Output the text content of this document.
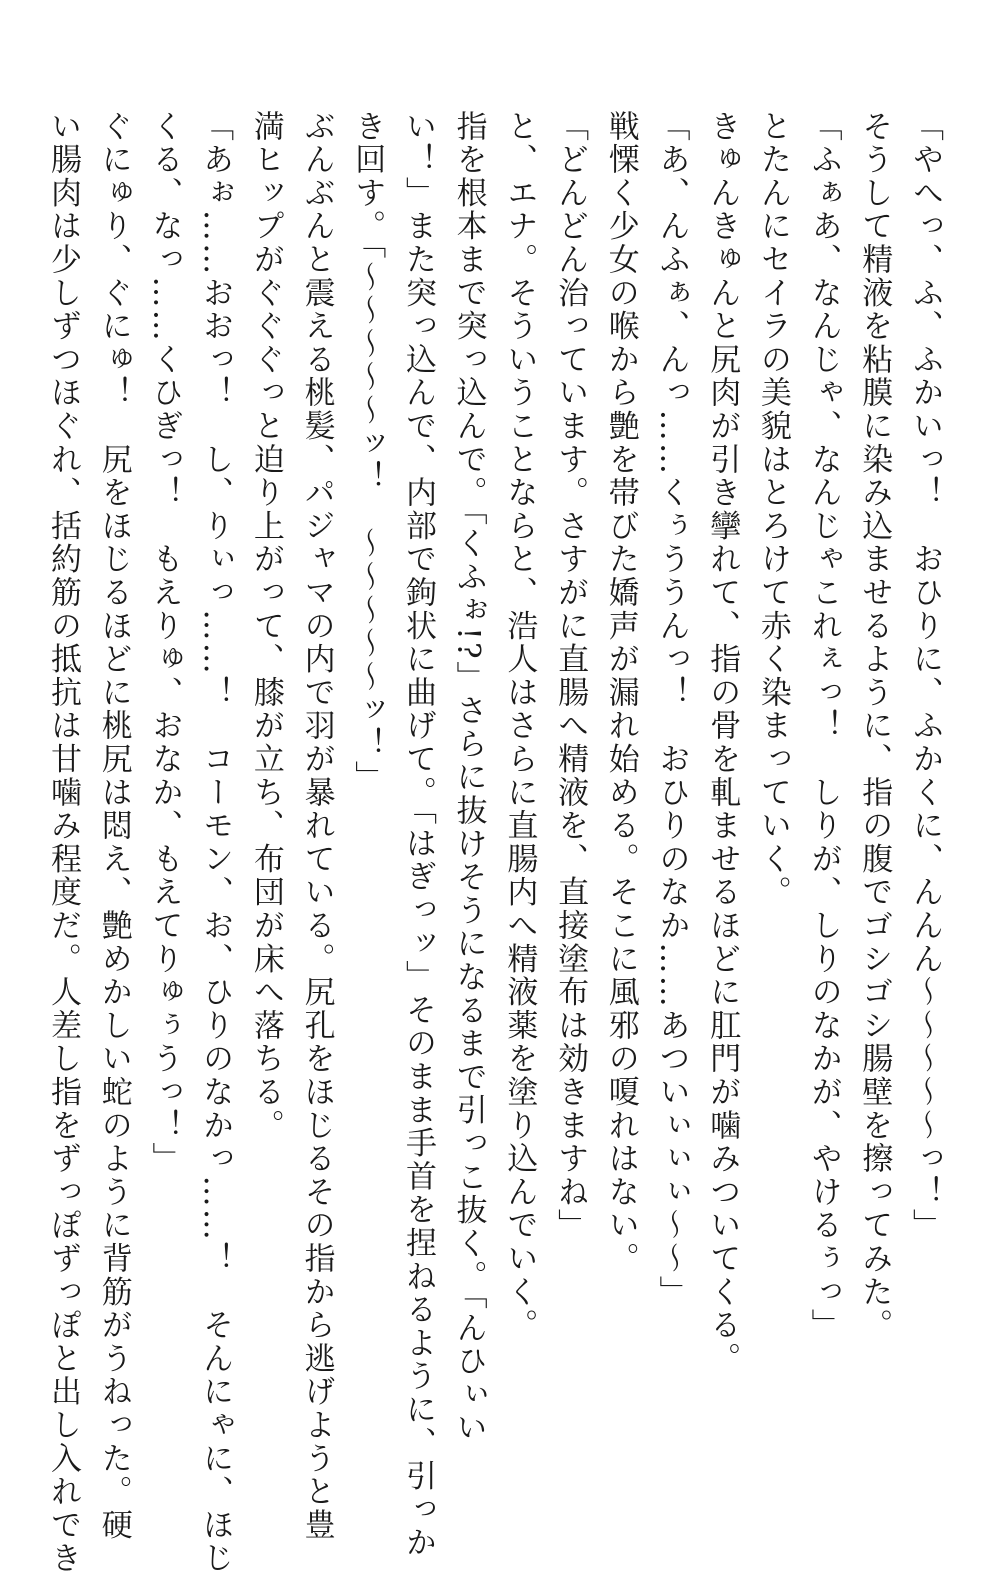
「やへっ、ふ、ふかいっ！　おひりに、ふかくに、んんん〜〜〜〜〜っ！」
そうして精液を粘膜に染み込ませるように、指の腹でゴシゴシ腸壁を擦ってみた。
「ふぁあ、なんじゃ、なんじゃこれぇっ！　しりが、しりのなかが、やけるぅっ」
とたんにセイラの美貌はとろけて赤く染まっていく。
きゅんきゅんと尻肉が引き攣れて、指の骨を軋ませるほどに肛門が噛みついてくる。
「あ、んふぁ、んっ……くぅううんっ！　おひりのなか……あついぃぃぃ〜〜」
戦慄く少女の喉から艶を帯びた嬌声が漏れ始める。そこに風邪の嗄れはない。
「どんどん治っています。さすがに直腸へ精液を、直接塗布は効きますね」
と、エナ。そういうことならと、浩人はさらに直腸内へ精液薬を塗り込んでいく。
指を根本まで突っ込んで。「くふぉ!?」さらに抜けそうになるまで引っこ抜く。「んひぃい
い！」また突っ込んで、内部で鉤状に曲げて。「はぎっッ」そのまま手首を捏ねるように、引っか
き回す。「〜〜〜〜〜ッ！　〜〜〜〜〜ッ！」
ぶんぶんと震える桃髪、パジャマの内で羽が暴れている。尻孔をほじるその指から逃げようと豊
満ヒップがぐぐぐっと迫り上がって、膝が立ち、布団が床へ落ちる。
「あぉ……おおっ！　し、りぃっ……！　コーモン、お、ひりのなかっ……！　そんにゃに、ほじ
くる、なっ……くひぎっ！　もえりゅ、おなか、もえてりゅぅうっ！」
ぐにゅり、ぐにゅ！　尻をほじるほどに桃尻は悶え、艶めかしい蛇のように背筋がうねった。硬
い腸肉は少しずつほぐれ、括約筋の抵抗は甘噛み程度だ。人差し指をずっぽずっぽと出し入れでき
